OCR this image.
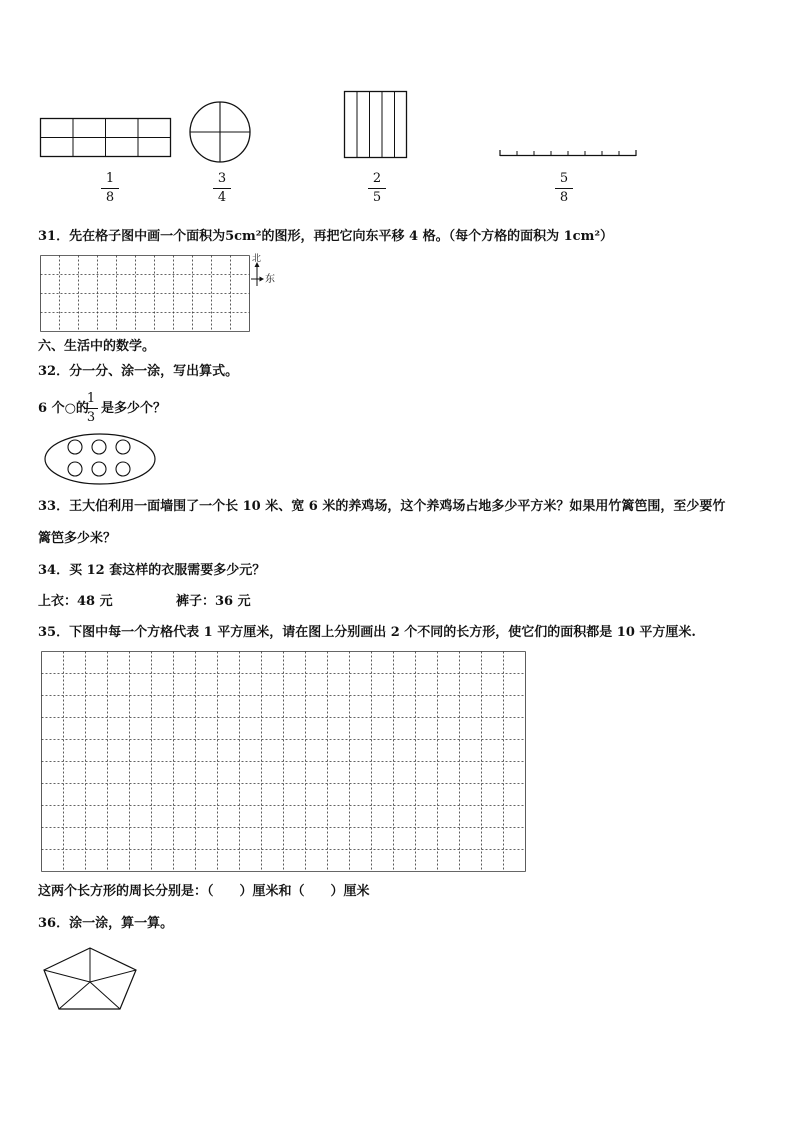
1
8
3
4
2
5
5
8
31．先在格子图中画一个面积为5cm²的图形，再把它向东平移 4 格。（每个方格的面积为 1cm²）
北
东
六、生活中的数学。
32．分一分、涂一涂，写出算式。
6 个○的
1
3
是多少个？
33．王大伯利用一面墙围了一个长 10 米、宽 6 米的养鸡场，这个养鸡场占地多少平方米？如果用竹篱笆围，至少要竹
篱笆多少米？
34．买 12 套这样的衣服需要多少元？
上衣：48 元	裤子：36 元
35．下图中每一个方格代表 1 平方厘米，请在图上分别画出 2 个不同的长方形，使它们的面积都是 10 平方厘米.
这两个长方形的周长分别是：（　　）厘米和（　　）厘米
36．涂一涂，算一算。
